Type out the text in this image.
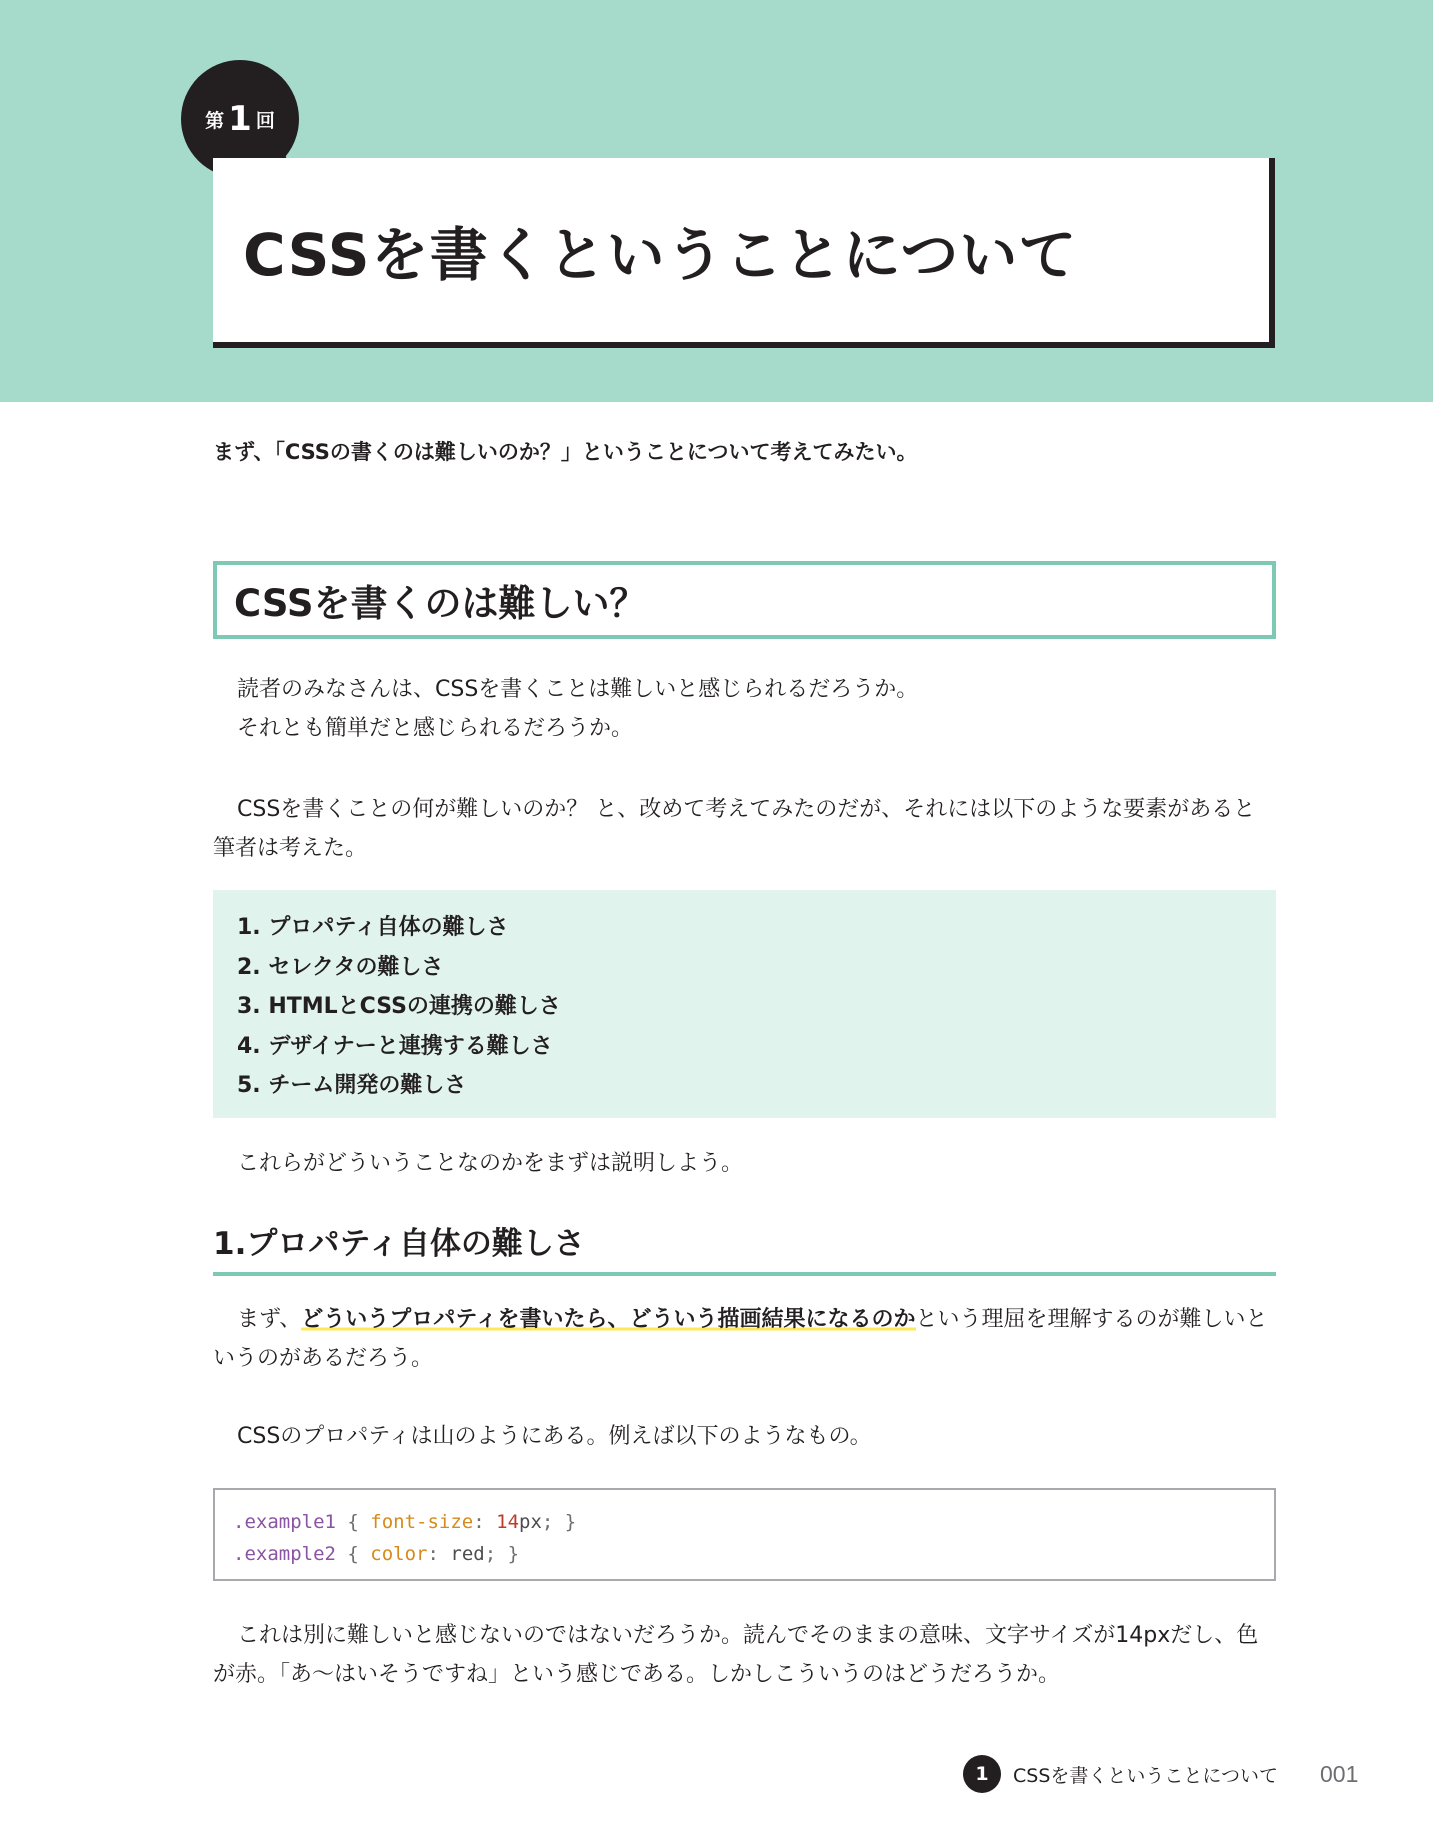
第 1 回
CSSを書くということについて
まず、「CSSの書くのは難しいのか？」ということについて考えてみたい。
CSSを書くのは難しい？

読者のみなさんは、CSSを書くことは難しいと感じられるだろうか。

それとも簡単だと感じられるだろうか。

CSSを書くことの何が難しいのか？ と、改めて考えてみたのだが、それには以下のような要素があると筆者は考えた。

1. プロパティ自体の難しさ
2. セレクタの難しさ
3. HTMLとCSSの連携の難しさ
4. デザイナーと連携する難しさ
5. チーム開発の難しさ

これらがどういうことなのかをまずは説明しよう。

1.プロパティ自体の難しさ

まず、どういうプロパティを書いたら、どういう描画結果になるのかという理屈を理解するのが難しいというのがあるだろう。

CSSのプロパティは山のようにある。例えば以下のようなもの。

.example1 { font-size: 14px; }
.example2 { color: red; }

これは別に難しいと感じないのではないだろうか。読んでそのままの意味、文字サイズが14pxだし、色が赤。「あ〜はいそうですね」という感じである。しかしこういうのはどうだろうか。

1	CSSを書くということについて 001
